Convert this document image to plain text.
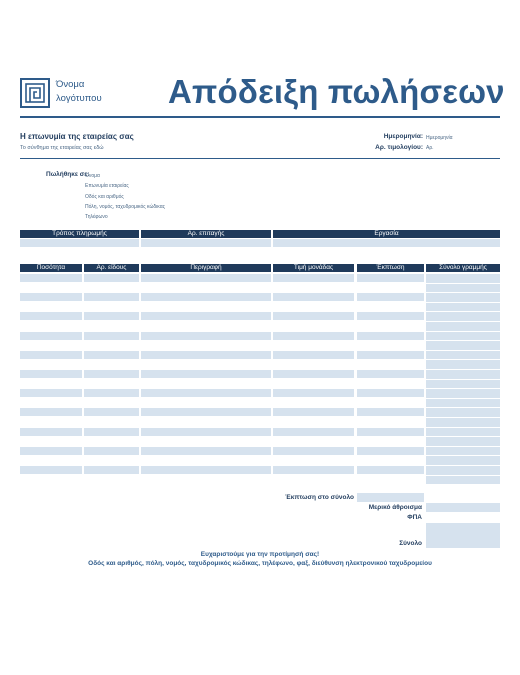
Όνομα
λογότυπου	Απόδειξη πωλήσεων
Η επωνυμία της εταιρείας σας
Το σύνθημα της εταιρείας σας εδώ
Ημερομηνία: Ημερομηνία
Αρ. τιμολογίου: Αρ.
Πωλήθηκε σε:
Όνομα
Επωνυμία εταιρείας
Οδός και αριθμός
Πόλη, νομός, ταχυδρομικός κώδικας
Τηλέφωνο
Τρόπος πληρωμής	Αρ. επιταγής	Εργασία
Ποσότητα	Αρ. είδους	Περιγραφή	Τιμή μονάδας	Έκπτωση	Σύνολο γραμμής
Έκπτωση στο σύνολο
Μερικό άθροισμα
ΦΠΑ
Σύνολο
Ευχαριστούμε για την προτίμησή σας!
Οδός και αριθμός, πόλη, νομός, ταχυδρομικός κώδικας, τηλέφωνο, φαξ, διεύθυνση ηλεκτρονικού ταχυδρομείου
